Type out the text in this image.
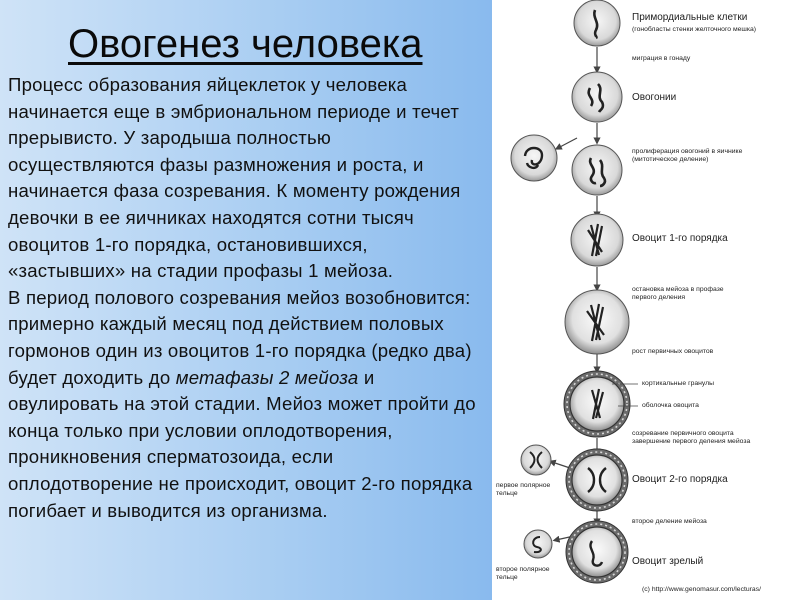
Овогенез человека

Процесс образования яйцеклеток у человека начинается еще в эмбриональном периоде и течет прерывисто. У зародыша полностью осуществляются фазы размножения и роста, и начинается фаза созревания. К моменту рождения девочки в ее яичниках находятся сотни тысяч овоцитов 1-го порядка, остановившихся, «застывших» на стадии профазы 1 мейоза.

В период полового созревания мейоз возобновится: примерно каждый месяц под действием половых гормонов один из овоцитов 1-го порядка (редко два) будет доходить до метафазы 2 мейоза и овулировать на этой стадии. Мейоз может пройти до конца только при условии оплодотворения, проникновения сперматозоида, если оплодотворение не происходит, овоцит 2-го порядка погибает и выводится из организма.

Примордиальные клетки
(гонобласты стенки желточного мешка)
миграция в гонаду
Овогонии
пролиферация овогоний в яичнике
(митотическое деление)
Овоцит 1-го порядка
остановка мейоза в профазе
первого деления
рост первичных овоцитов
кортикальные гранулы
оболочка овоцита
созревание первичного овоцита
завершение первого деления мейоза
первое полярное
тельце
Овоцит 2-го порядка
второе деление мейоза
второе полярное
тельце
Овоцит зрелый
(c) http://www.genomasur.com/lecturas/
